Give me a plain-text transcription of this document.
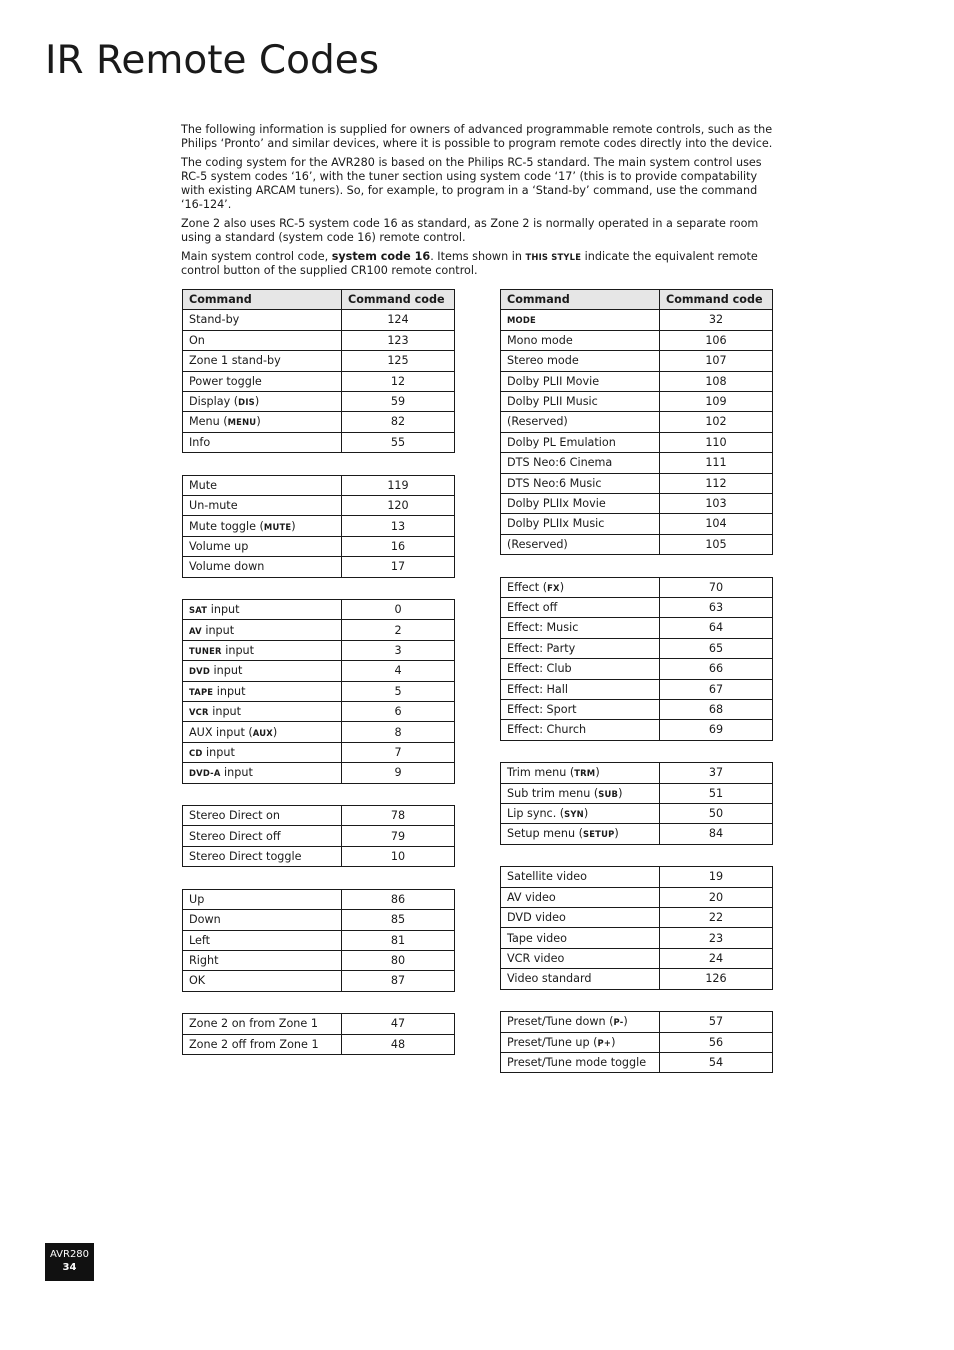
IR Remote Codes

The following information is supplied for owners of advanced programmable remote controls, such as the Philips ‘Pronto’ and similar devices, where it is possible to program remote codes directly into the device.

The coding system for the AVR280 is based on the Philips RC-5 standard. The main system control uses RC-5 system codes ‘16’, with the tuner section using system code ‘17’ (this is to provide compatability with existing ARCAM tuners). So, for example, to program in a ‘Stand-by’ command, use the command ‘16-124’.

Zone 2 also uses RC-5 system code 16 as standard, as Zone 2 is normally operated in a separate room using a standard (system code 16) remote control.

Main system control code, system code 16. Items shown in THIS STYLE indicate the equivalent remote control button of the supplied CR100 remote control.

Command	Command code
Stand-by	124
On	123
Zone 1 stand-by	125
Power toggle	12
Display (DIS)	59
Menu (MENU)	82
Info	55
Mute	119
Un-mute	120
Mute toggle (MUTE)	13
Volume up	16
Volume down	17
SAT input	0
AV input	2
TUNER input	3
DVD input	4
TAPE input	5
VCR input	6
AUX input (AUX)	8
CD input	7
DVD-A input	9
Stereo Direct on	78
Stereo Direct off	79
Stereo Direct toggle	10
Up	86
Down	85
Left	81
Right	80
OK	87
Zone 2 on from Zone 1	47
Zone 2 off from Zone 1	48
Command	Command code
MODE	32
Mono mode	106
Stereo mode	107
Dolby PLII Movie	108
Dolby PLII Music	109
(Reserved)	102
Dolby PL Emulation	110
DTS Neo:6 Cinema	111
DTS Neo:6 Music	112
Dolby PLIIx Movie	103
Dolby PLIIx Music	104
(Reserved)	105
Effect (FX)	70
Effect off	63
Effect: Music	64
Effect: Party	65
Effect: Club	66
Effect: Hall	67
Effect: Sport	68
Effect: Church	69
Trim menu (TRM)	37
Sub trim menu (SUB)	51
Lip sync. (SYN)	50
Setup menu (SETUP)	84
Satellite video	19
AV video	20
DVD video	22
Tape video	23
VCR video	24
Video standard	126
Preset/Tune down (P-)	57
Preset/Tune up (P+)	56
Preset/Tune mode toggle	54
AVR280
34
